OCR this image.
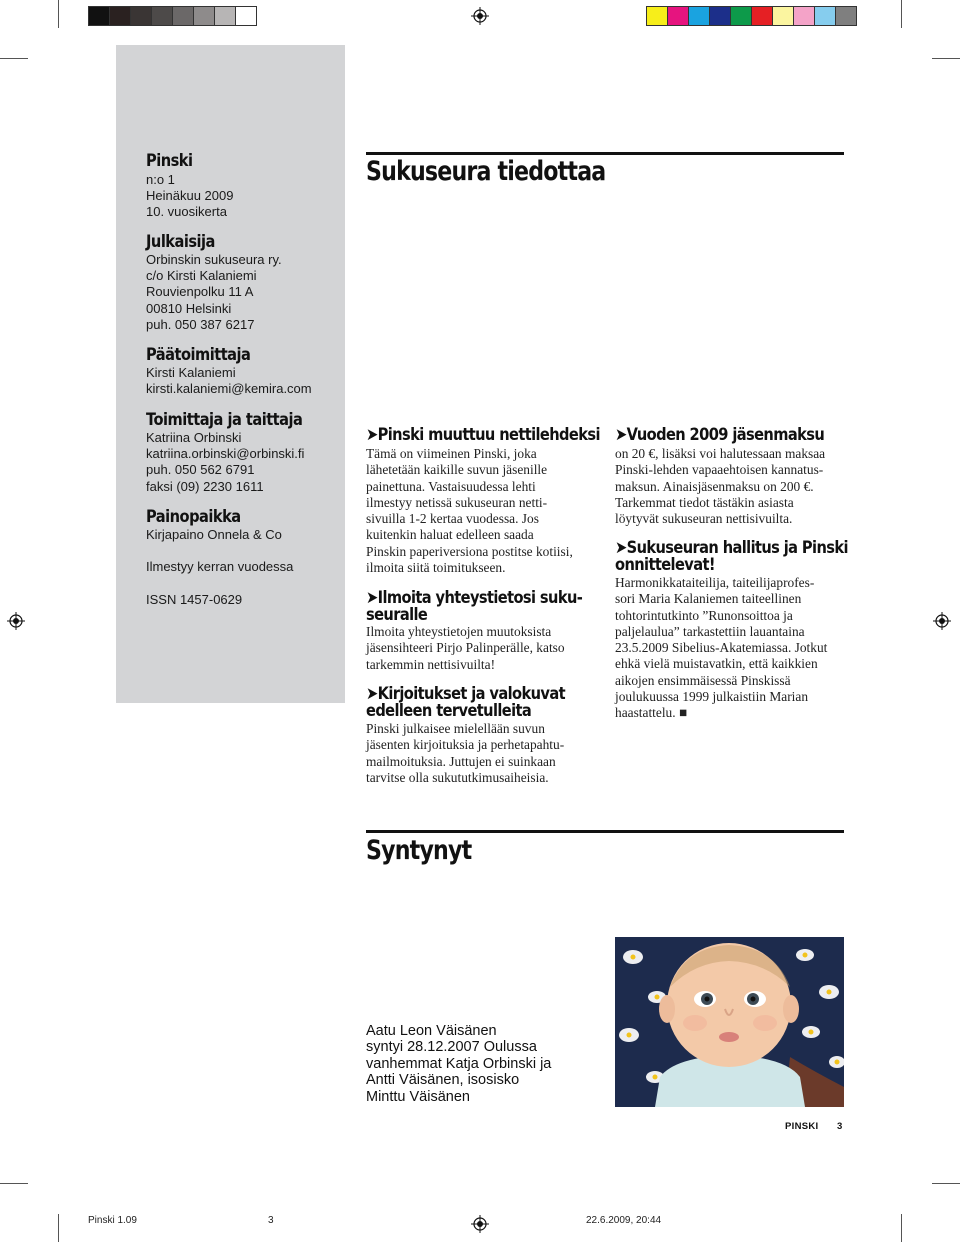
Pinski
n:o 1
Heinäkuu 2009
10. vuosikerta
Julkaisija
Orbinskin sukuseura ry.
c/o Kirsti Kalaniemi
Rouvienpolku 11 A
00810 Helsinki
puh. 050 387 6217
Päätoimittaja
Kirsti Kalaniemi
kirsti.kalaniemi@kemira.com
Toimittaja ja taittaja
Katriina Orbinski
katriina.orbinski@orbinski.fi
puh. 050 562 6791
faksi (09) 2230 1611
Painopaikka
Kirjapaino Onnela & Co
Ilmestyy kerran vuodessa
ISSN 1457-0629
Sukuseura tiedottaa
➤Pinski muuttuu nettilehdeksi
Tämä on viimeinen Pinski, joka
lähetetään kaikille suvun jäsenille
painettuna. Vastaisuudessa lehti
ilmestyy netissä sukuseuran netti-
sivuilla 1-2 kertaa vuodessa. Jos
kuitenkin haluat edelleen saada
Pinskin paperiversiona postitse kotiisi,
ilmoita siitä toimitukseen.
➤Ilmoita yhteystietosi suku-
seuralle
Ilmoita yhteystietojen muutoksista
jäsensihteeri Pirjo Palinperälle, katso
tarkemmin nettisivuilta!
➤Kirjoitukset ja valokuvat
edelleen tervetulleita
Pinski julkaisee mielellään suvun
jäsenten kirjoituksia ja perhetapahtu-
mailmoituksia. Juttujen ei suinkaan
tarvitse olla sukututkimusaiheisia.
➤Vuoden 2009 jäsenmaksu
on 20 €, lisäksi voi halutessaan maksaa
Pinski-lehden vapaaehtoisen kannatus-
maksun. Ainaisjäsenmaksu on 200 €.
Tarkemmat tiedot tästäkin asiasta
löytyvät sukuseuran nettisivuilta.
➤Sukuseuran hallitus ja Pinski
onnittelevat!
Harmonikkataiteilija, taiteilijaprofes-
sori Maria Kalaniemen taiteellinen
tohtorintutkinto ”Runonsoittoa ja
paljelaulua” tarkastettiin lauantaina
23.5.2009 Sibelius-Akatemiassa. Jotkut
ehkä vielä muistavatkin, että kaikkien
aikojen ensimmäisessä Pinskissä
joulukuussa 1999 julkaistiin Marian
haastattelu. ■
Syntynyt
Aatu Leon Väisänen
syntyi 28.12.2007 Oulussa
vanhemmat Katja Orbinski ja
Antti Väisänen, isosisko
Minttu Väisänen
PINSKI 3
Pinski 1.09	3	22.6.2009, 20:44
